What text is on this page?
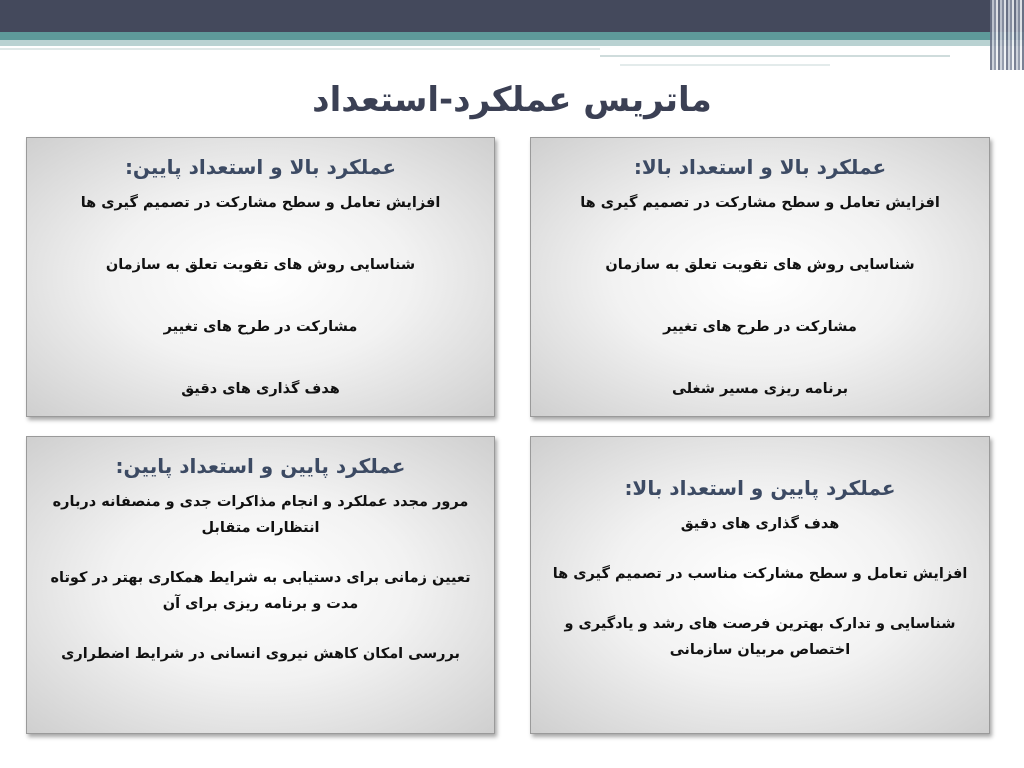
ماتریس عملکرد-استعداد
عملکرد بالا و استعداد بالا:
افزایش تعامل و سطح مشارکت در تصمیم گیری ها
شناسایی روش های تقویت تعلق به سازمان
مشارکت در طرح های تغییر
برنامه ریزی مسیر شغلی
عملکرد بالا و استعداد پایین:
افزایش تعامل و سطح مشارکت در تصمیم گیری ها
شناسایی روش های تقویت تعلق به سازمان
مشارکت در طرح های تغییر
هدف گذاری های دقیق
عملکرد پایین و استعداد بالا:
هدف گذاری های دقیق
افزایش تعامل و سطح مشارکت مناسب در تصمیم گیری ها
شناسایی و تدارک بهترین فرصت های رشد و یادگیری و اختصاص مربیان سازمانی
عملکرد پایین و استعداد پایین:
مرور مجدد عملکرد و انجام مذاکرات جدی و منصفانه درباره انتظارات متقابل
تعیین زمانی برای دستیابی به شرایط همکاری بهتر در کوتاه مدت و برنامه ریزی برای آن
بررسی امکان کاهش نیروی انسانی در شرایط اضطراری
